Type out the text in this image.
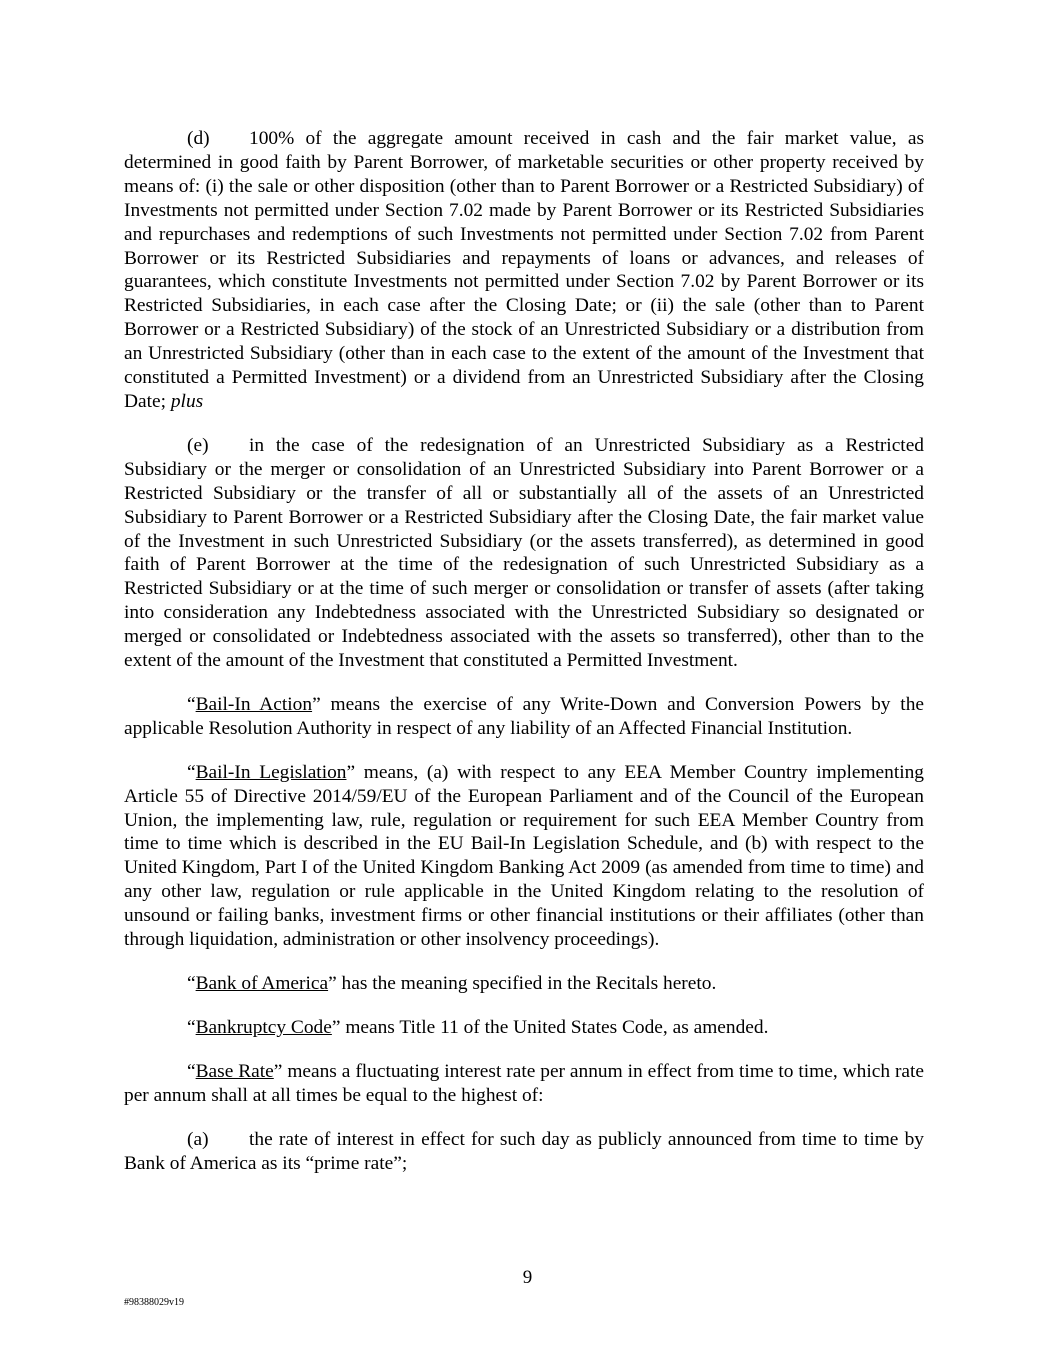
(d) 100% of the aggregate amount received in cash and the fair market value, as determined in good faith by Parent Borrower, of marketable securities or other property received by means of: (i) the sale or other disposition (other than to Parent Borrower or a Restricted Subsidiary) of Investments not permitted under Section 7.02 made by Parent Borrower or its Restricted Subsidiaries and repurchases and redemptions of such Investments not permitted under Section 7.02 from Parent Borrower or its Restricted Subsidiaries and repayments of loans or advances, and releases of guarantees, which constitute Investments not permitted under Section 7.02 by Parent Borrower or its Restricted Subsidiaries, in each case after the Closing Date; or (ii) the sale (other than to Parent Borrower or a Restricted Subsidiary) of the stock of an Unrestricted Subsidiary or a distribution from an Unrestricted Subsidiary (other than in each case to the extent of the amount of the Investment that constituted a Permitted Investment) or a dividend from an Unrestricted Subsidiary after the Closing Date; plus

(e) in the case of the redesignation of an Unrestricted Subsidiary as a Restricted Subsidiary or the merger or consolidation of an Unrestricted Subsidiary into Parent Borrower or a Restricted Subsidiary or the transfer of all or substantially all of the assets of an Unrestricted Subsidiary to Parent Borrower or a Restricted Subsidiary after the Closing Date, the fair market value of the Investment in such Unrestricted Subsidiary (or the assets transferred), as determined in good faith of Parent Borrower at the time of the redesignation of such Unrestricted Subsidiary as a Restricted Subsidiary or at the time of such merger or consolidation or transfer of assets (after taking into consideration any Indebtedness associated with the Unrestricted Subsidiary so designated or merged or consolidated or Indebtedness associated with the assets so transferred), other than to the extent of the amount of the Investment that constituted a Permitted Investment.

“Bail-In Action” means the exercise of any Write-Down and Conversion Powers by the applicable Resolution Authority in respect of any liability of an Affected Financial Institution.

“Bail-In Legislation” means, (a) with respect to any EEA Member Country implementing Article 55 of Directive 2014/59/EU of the European Parliament and of the Council of the European Union, the implementing law, rule, regulation or requirement for such EEA Member Country from time to time which is described in the EU Bail-In Legislation Schedule, and (b) with respect to the United Kingdom, Part I of the United Kingdom Banking Act 2009 (as amended from time to time) and any other law, regulation or rule applicable in the United Kingdom relating to the resolution of unsound or failing banks, investment firms or other financial institutions or their affiliates (other than through liquidation, administration or other insolvency proceedings).

“Bank of America” has the meaning specified in the Recitals hereto.

“Bankruptcy Code” means Title 11 of the United States Code, as amended.

“Base Rate” means a fluctuating interest rate per annum in effect from time to time, which rate per annum shall at all times be equal to the highest of:

(a) the rate of interest in effect for such day as publicly announced from time to time by Bank of America as its “prime rate”;

9
#98388029v19
